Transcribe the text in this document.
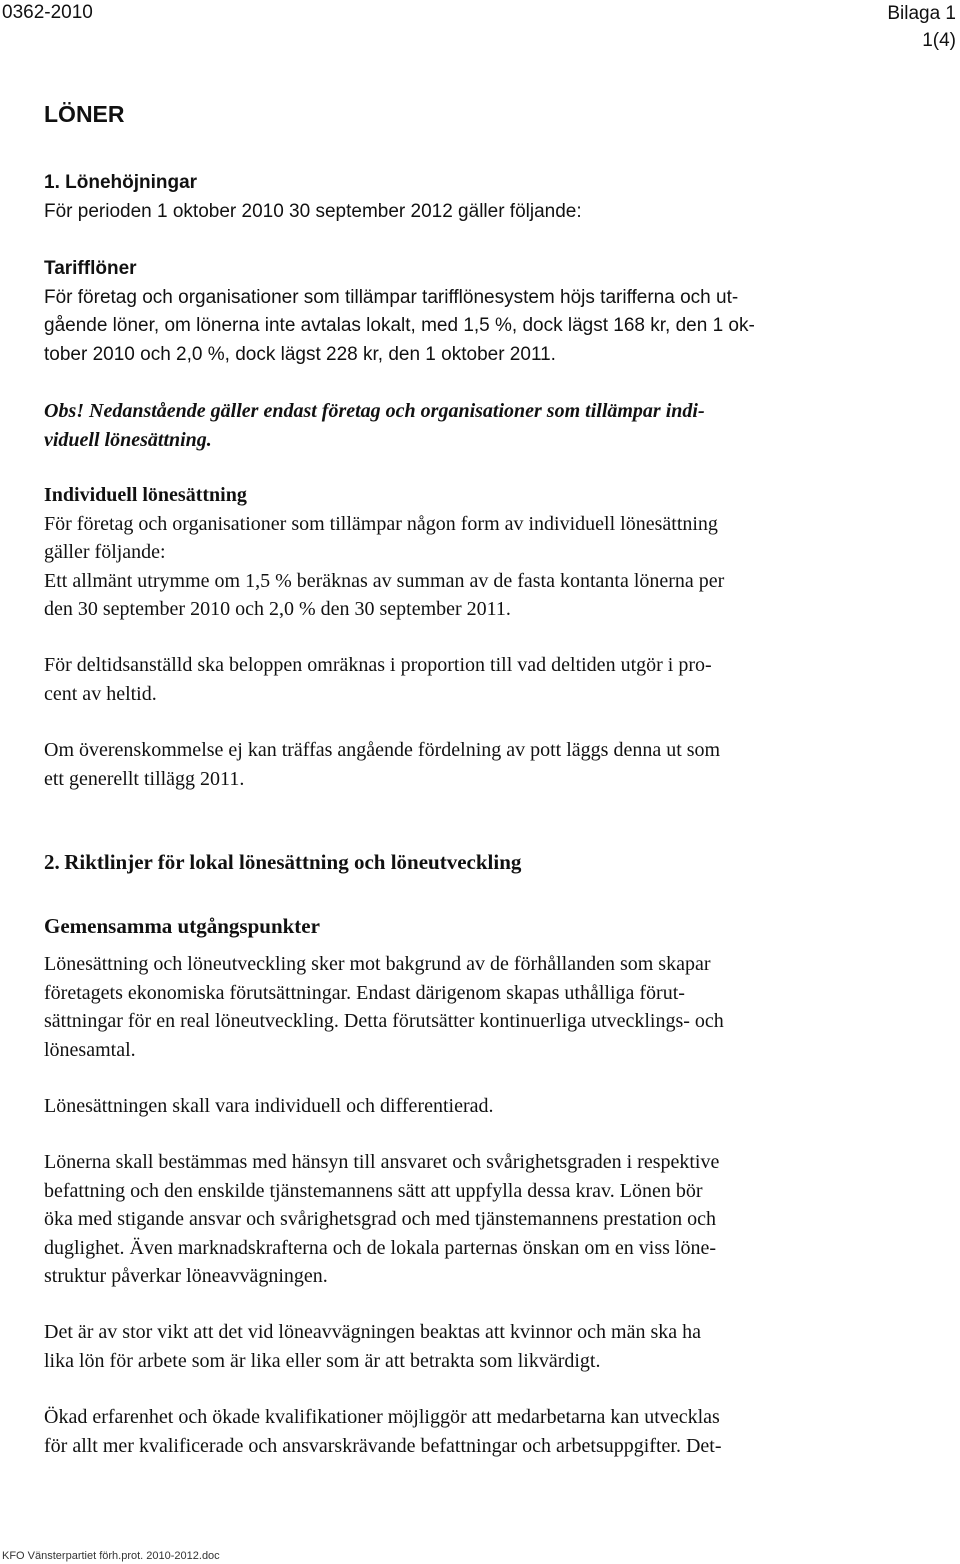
0362-2010	Bilaga 1
1(4)
LÖNER
1. Lönehöjningar
För perioden 1 oktober 2010 30 september 2012 gäller följande:
Tarifflöner
För företag och organisationer som tillämpar tarifflönesystem höjs tarifferna och ut-
gående löner, om lönerna inte avtalas lokalt, med 1,5 %, dock lägst 168 kr, den 1 ok-
tober 2010 och 2,0 %, dock lägst 228 kr, den 1 oktober 2011.
Obs! Nedanstående gäller endast företag och organisationer som tillämpar indi-
viduell lönesättning.
Individuell lönesättning
För företag och organisationer som tillämpar någon form av individuell lönesättning
gäller följande:
Ett allmänt utrymme om 1,5 % beräknas av summan av de fasta kontanta lönerna per
den 30 september 2010 och 2,0 % den 30 september 2011.
För deltidsanställd ska beloppen omräknas i proportion till vad deltiden utgör i pro-
cent av heltid.
Om överenskommelse ej kan träffas angående fördelning av pott läggs denna ut som
ett generellt tillägg 2011.
2. Riktlinjer för lokal lönesättning och löneutveckling
Gemensamma utgångspunkter
Lönesättning och löneutveckling sker mot bakgrund av de förhållanden som skapar
företagets ekonomiska förutsättningar. Endast därigenom skapas uthålliga förut-
sättningar för en real löneutveckling. Detta förutsätter kontinuerliga utvecklings- och
lönesamtal.
Lönesättningen skall vara individuell och differentierad.
Lönerna skall bestämmas med hänsyn till ansvaret och svårighetsgraden i respektive
befattning och den enskilde tjänstemannens sätt att uppfylla dessa krav. Lönen bör
öka med stigande ansvar och svårighetsgrad och med tjänstemannens prestation och
duglighet. Även marknadskrafterna och de lokala parternas önskan om en viss löne-
struktur påverkar löneavvägningen.
Det är av stor vikt att det vid löneavvägningen beaktas att kvinnor och män ska ha
lika lön för arbete som är lika eller som är att betrakta som likvärdigt.
Ökad erfarenhet och ökade kvalifikationer möjliggör att medarbetarna kan utvecklas
för allt mer kvalificerade och ansvarskrävande befattningar och arbetsuppgifter. Det-
KFO Vänsterpartiet förh.prot. 2010-2012.doc
